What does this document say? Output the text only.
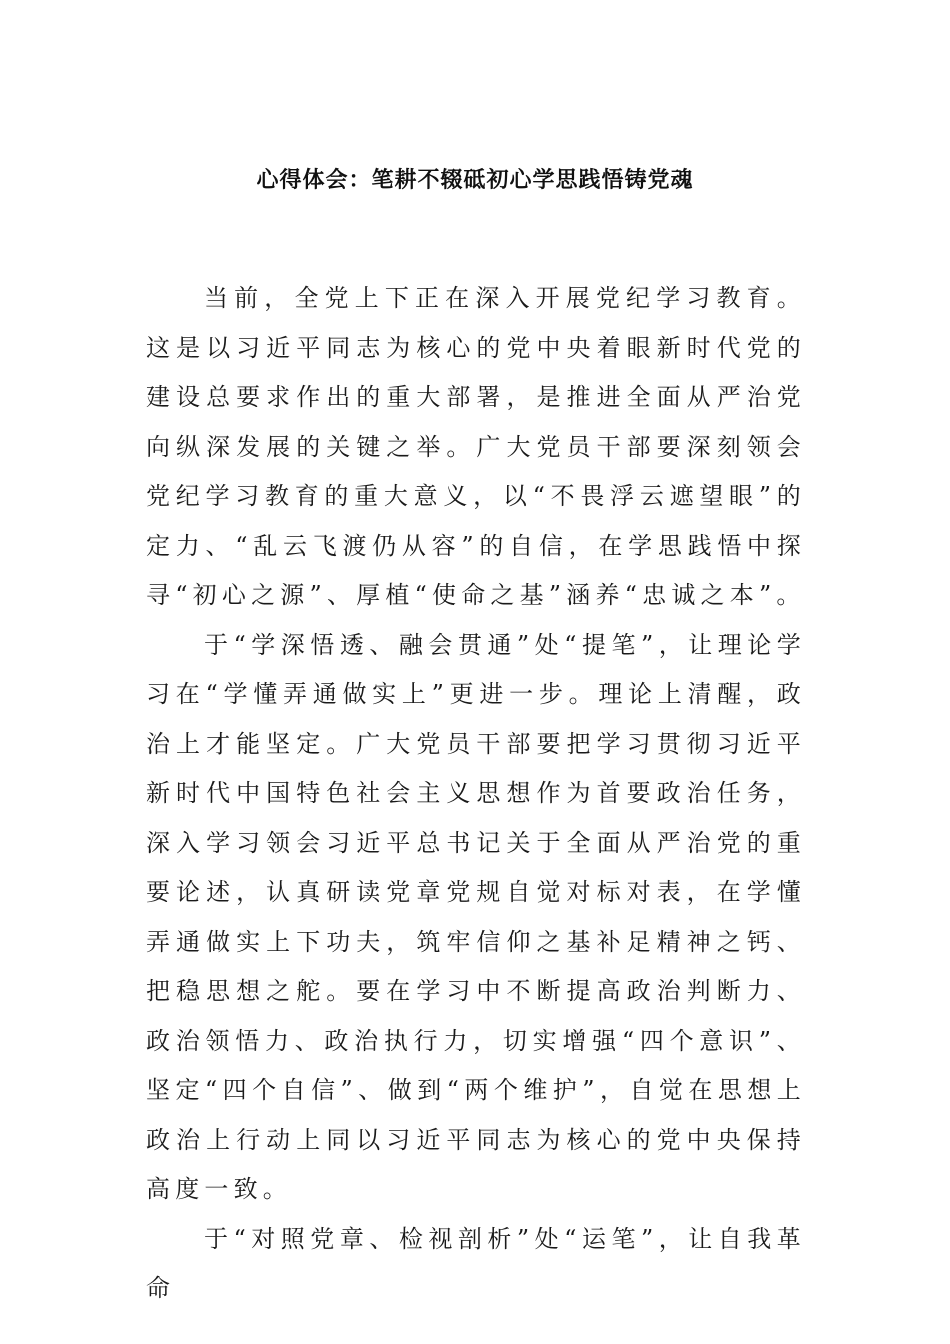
心得体会：笔耕不辍砥初心学思践悟铸党魂

当前，全党上下正在深入开展党纪学习教育。这是以习近平同志为核心的党中央着眼新时代党的建设总要求作出的重大部署，是推进全面从严治党向纵深发展的关键之举。广大党员干部要深刻领会党纪学习教育的重大意义，以“不畏浮云遮望眼”的定力、“乱云飞渡仍从容”的自信，在学思践悟中探寻“初心之源”、厚植“使命之基”涵养“忠诚之本”。

于“学深悟透、融会贯通”处“提笔”，让理论学习在“学懂弄通做实上”更进一步。理论上清醒，政治上才能坚定。广大党员干部要把学习贯彻习近平新时代中国特色社会主义思想作为首要政治任务，深入学习领会习近平总书记关于全面从严治党的重要论述，认真研读党章党规自觉对标对表，在学懂弄通做实上下功夫，筑牢信仰之基补足精神之钙、把稳思想之舵。要在学习中不断提高政治判断力、政治领悟力、政治执行力，切实增强“四个意识”、坚定“四个自信”、做到“两个维护”，自觉在思想上政治上行动上同以习近平同志为核心的党中央保持高度一致。

于“对照党章、检视剖析”处“运笔”，让自我革命
